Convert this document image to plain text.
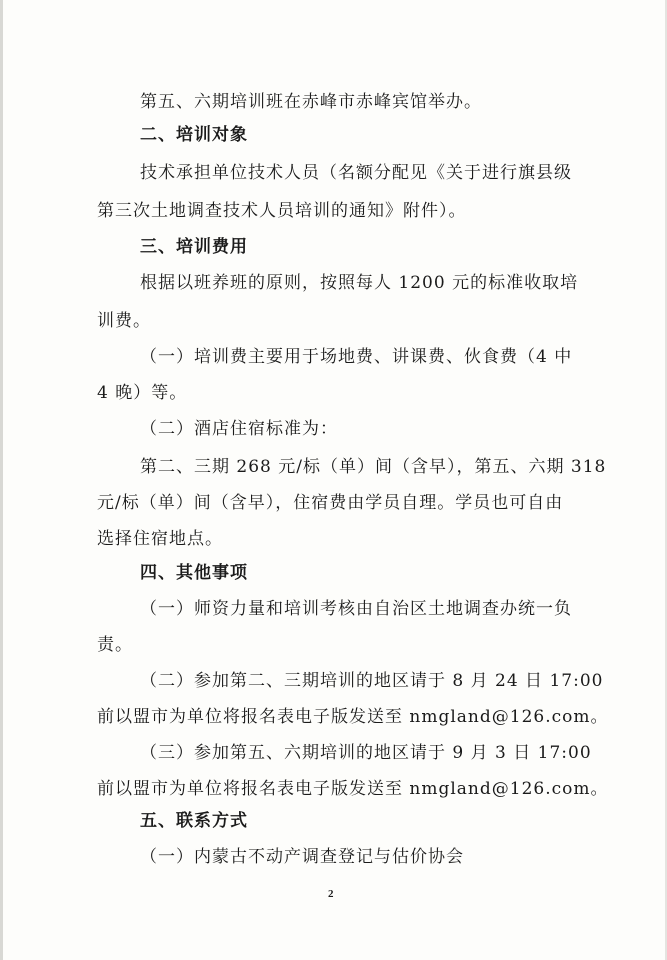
第五、六期培训班在赤峰市赤峰宾馆举办。
二、培训对象
技术承担单位技术人员（名额分配见《关于进行旗县级
第三次土地调查技术人员培训的通知》附件）。
三、培训费用
根据以班养班的原则，按照每人 1200 元的标准收取培
训费。
（一）培训费主要用于场地费、讲课费、伙食费（4 中
4 晚）等。
（二）酒店住宿标准为：
第二、三期 268 元/标（单）间（含早），第五、六期 318
元/标（单）间（含早），住宿费由学员自理。学员也可自由
选择住宿地点。
四、其他事项
（一）师资力量和培训考核由自治区土地调查办统一负
责。
（二）参加第二、三期培训的地区请于 8 月 24 日 17:00
前以盟市为单位将报名表电子版发送至 nmgland@126.com。
（三）参加第五、六期培训的地区请于 9 月 3 日 17:00
前以盟市为单位将报名表电子版发送至 nmgland@126.com。
五、联系方式
（一）内蒙古不动产调查登记与估价协会
2
